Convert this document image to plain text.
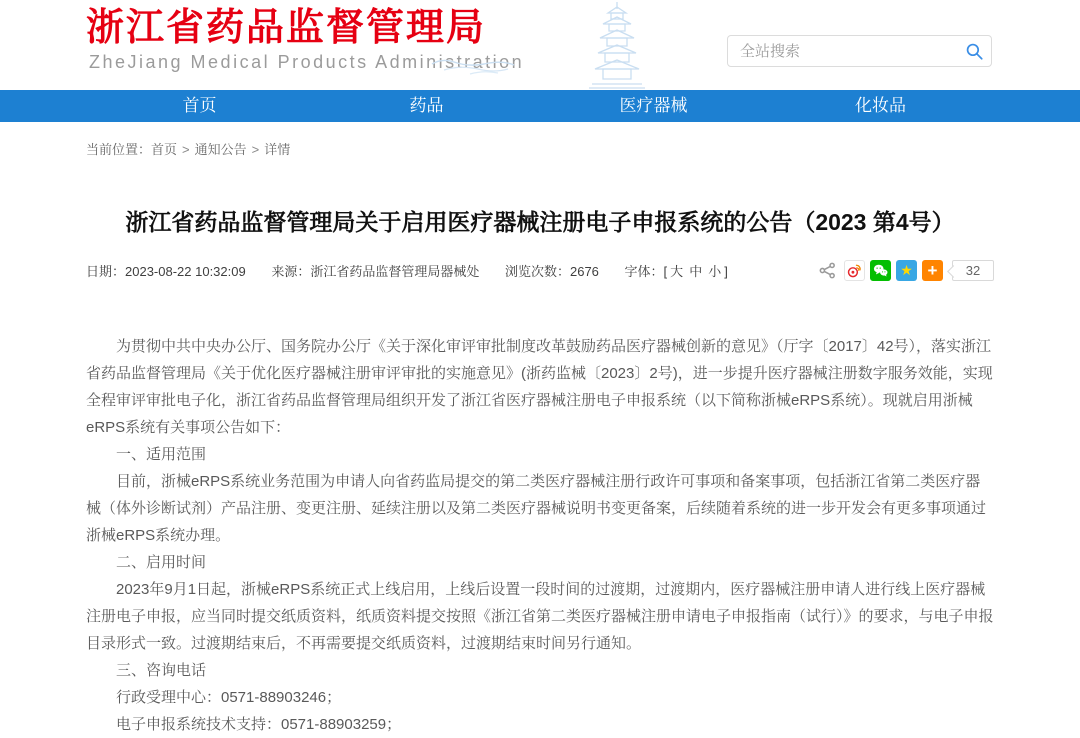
浙江省药品监督管理局
ZheJiang Medical Products Administration
全站搜索
首页	药品	医疗器械	化妆品
当前位置：首页 > 通知公告 > 详情
浙江省药品监督管理局关于启用医疗器械注册电子申报系统的公告（2023 第4号）
日期：2023-08-22 10:32:09 来源：浙江省药品监督管理局器械处 浏览次数：2676 字体：[ 大 中 小 ]	★ +	32

为贯彻中共中央办公厅、国务院办公厅《关于深化审评审批制度改革鼓励药品医疗器械创新的意见》（厅字〔2017〕42号），落实浙江省药品监督管理局《关于优化医疗器械注册审评审批的实施意见》(浙药监械〔2023〕2号)，进一步提升医疗器械注册数字服务效能，实现全程审评审批电子化，浙江省药品监督管理局组织开发了浙江省医疗器械注册电子申报系统（以下简称浙械eRPS系统）。现就启用浙械eRPS系统有关事项公告如下：

一、适用范围

目前，浙械eRPS系统业务范围为申请人向省药监局提交的第二类医疗器械注册行政许可事项和备案事项，包括浙江省第二类医疗器械（体外诊断试剂）产品注册、变更注册、延续注册以及第二类医疗器械说明书变更备案，后续随着系统的进一步开发会有更多事项通过浙械eRPS系统办理。

二、启用时间

2023年9月1日起，浙械eRPS系统正式上线启用，上线后设置一段时间的过渡期，过渡期内，医疗器械注册申请人进行线上医疗器械注册电子申报，应当同时提交纸质资料，纸质资料提交按照《浙江省第二类医疗器械注册申请电子申报指南（试行）》的要求，与电子申报目录形式一致。过渡期结束后，不再需要提交纸质资料，过渡期结束时间另行通知。

三、咨询电话

行政受理中心：0571-88903246；

电子申报系统技术支持：0571-88903259；
